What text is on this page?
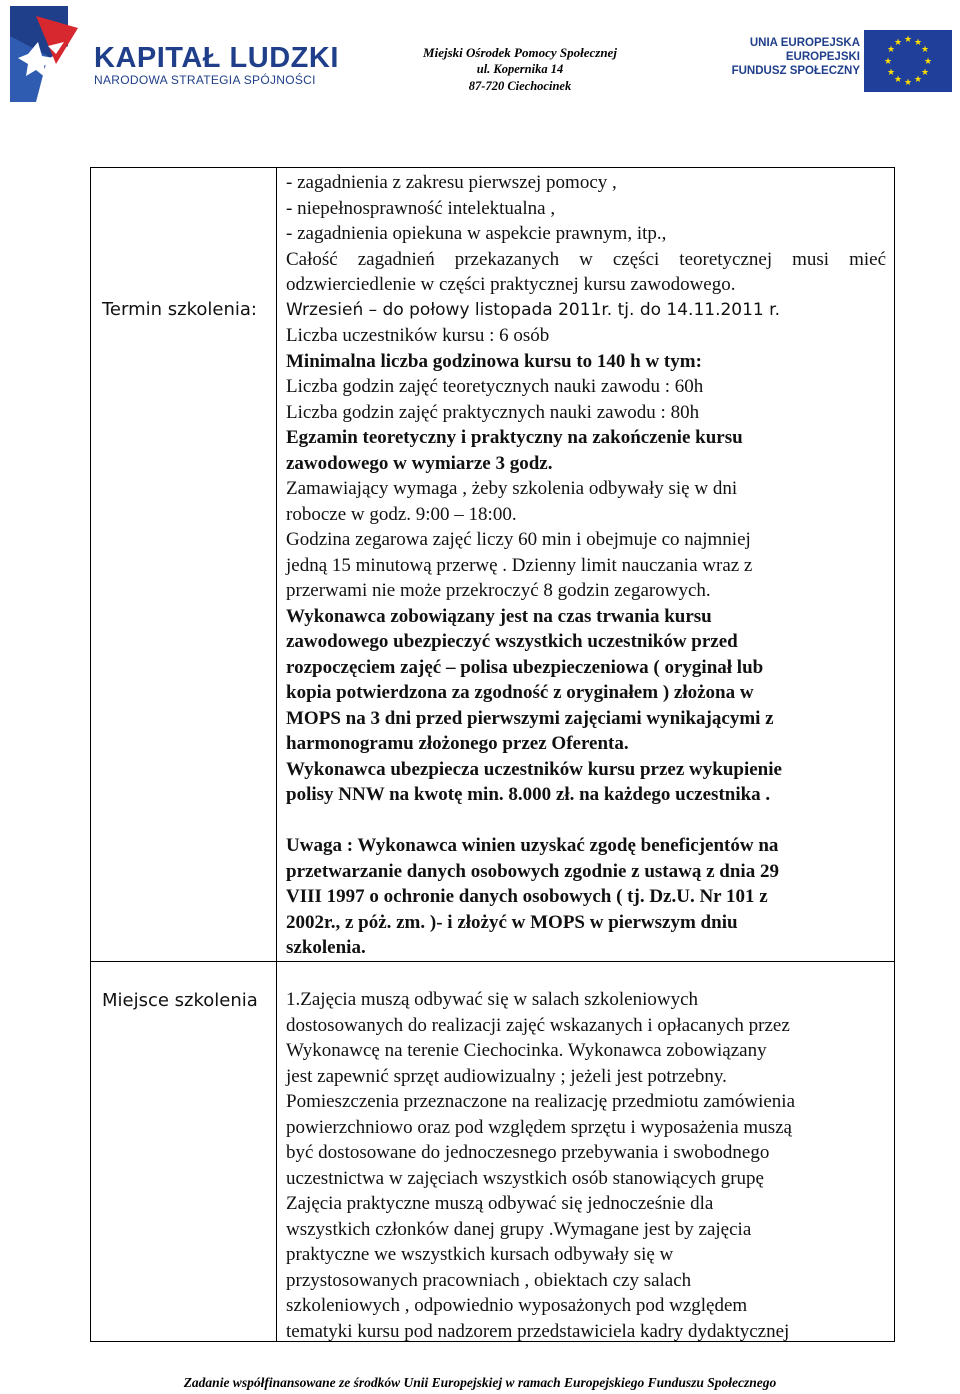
KAPITAŁ LUDZKI
NARODOWA STRATEGIA SPÓJNOŚCI
Miejski Ośrodek Pomocy Społecznej
ul. Kopernika 14
87-720 Ciechocinek
UNIA EUROPEJSKA
EUROPEJSKI
FUNDUSZ SPOŁECZNY
★ ★
★
★
★
★
★
★
★
★
★
★
Termin szkolenia:
- zagadnienia z zakresu pierwszej pomocy ,
- niepełnosprawność intelektualna ,
- zagadnienia opiekuna w aspekcie prawnym, itp.,
Całość zagadnień przekazanych w części teoretycznej musi mieć
odzwierciedlenie w części praktycznej kursu zawodowego.
Wrzesień – do połowy listopada 2011r. tj. do 14.11.2011 r.
Liczba uczestników kursu : 6 osób
Minimalna liczba godzinowa kursu to 140 h w tym:
Liczba godzin zajęć teoretycznych nauki zawodu : 60h
Liczba godzin zajęć praktycznych nauki zawodu : 80h
Egzamin teoretyczny i praktyczny na zakończenie kursu
zawodowego w wymiarze 3 godz.
Zamawiający wymaga , żeby szkolenia odbywały się w dni
robocze w godz. 9:00 – 18:00.
Godzina zegarowa zajęć liczy 60 min i obejmuje co najmniej
jedną 15 minutową przerwę . Dzienny limit nauczania wraz z
przerwami nie może przekroczyć 8 godzin zegarowych.
Wykonawca zobowiązany jest na czas trwania kursu
zawodowego ubezpieczyć wszystkich uczestników przed
rozpoczęciem zajęć – polisa ubezpieczeniowa ( oryginał lub
kopia potwierdzona za zgodność z oryginałem ) złożona w
MOPS na 3 dni przed pierwszymi zajęciami wynikającymi z
harmonogramu złożonego przez Oferenta.
Wykonawca ubezpiecza uczestników kursu przez wykupienie
polisy NNW na kwotę min. 8.000 zł. na każdego uczestnika .
Uwaga : Wykonawca winien uzyskać zgodę beneficjentów na
przetwarzanie danych osobowych zgodnie z ustawą z dnia 29
VIII 1997 o ochronie danych osobowych ( tj. Dz.U. Nr 101 z
2002r., z póż. zm. )- i złożyć w MOPS w pierwszym dniu
szkolenia.
Miejsce szkolenia 1.Zajęcia muszą odbywać się w salach szkoleniowych
dostosowanych do realizacji zajęć wskazanych i opłacanych przez
Wykonawcę na terenie Ciechocinka. Wykonawca zobowiązany
jest zapewnić sprzęt audiowizualny ; jeżeli jest potrzebny.
Pomieszczenia przeznaczone na realizację przedmiotu zamówienia
powierzchniowo oraz pod względem sprzętu i wyposażenia muszą
być dostosowane do jednoczesnego przebywania i swobodnego
uczestnictwa w zajęciach wszystkich osób stanowiących grupę
Zajęcia praktyczne muszą odbywać się jednocześnie dla
wszystkich członków danej grupy .Wymagane jest by zajęcia
praktyczne we wszystkich kursach odbywały się w
przystosowanych pracowniach , obiektach czy salach
szkoleniowych , odpowiednio wyposażonych pod względem
tematyki kursu pod nadzorem przedstawiciela kadry dydaktycznej
Zadanie współfinansowane ze środków Unii Europejskiej w ramach Europejskiego Funduszu Społecznego
